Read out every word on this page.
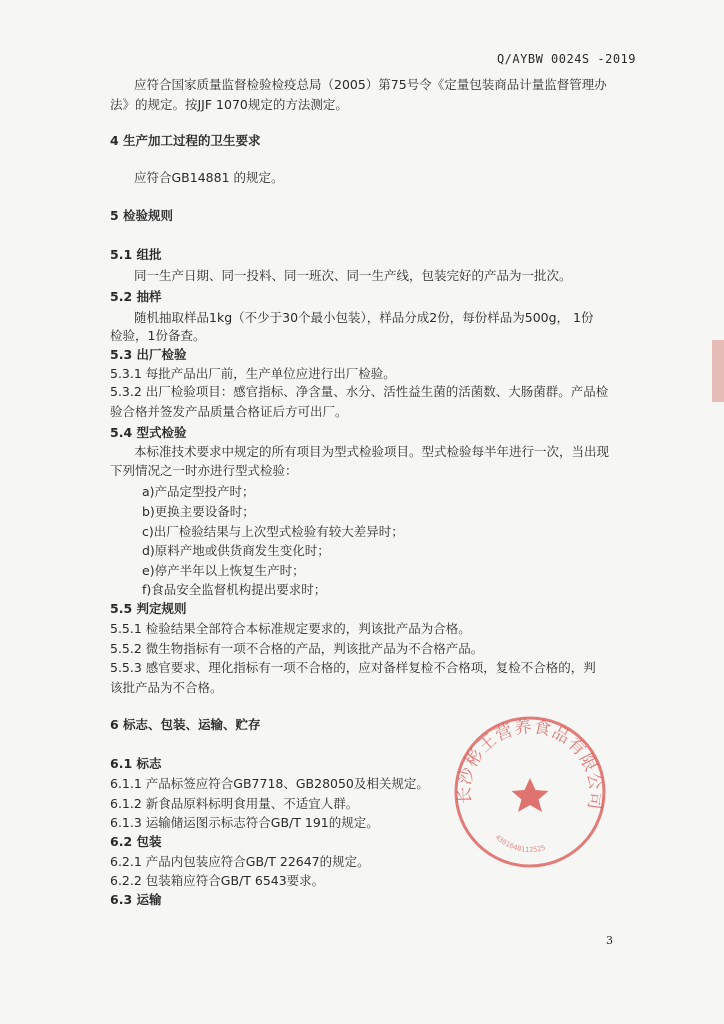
Q/AYBW 0024S -2019
应符合国家质量监督检验检疫总局（2005）第75号令《定量包装商品计量监督管理办
法》的规定。按JJF 1070规定的方法测定。
4 生产加工过程的卫生要求
应符合GB14881 的规定。
5 检验规则
5.1 组批
同一生产日期、同一投料、同一班次、同一生产线，包装完好的产品为一批次。
5.2 抽样
随机抽取样品1kg（不少于30个最小包装），样品分成2份，每份样品为500g， 1份
检验，1份备查。
5.3 出厂检验
5.3.1 每批产品出厂前，生产单位应进行出厂检验。
5.3.2 出厂检验项目：感官指标、净含量、水分、活性益生菌的活菌数、大肠菌群。产品检
验合格并签发产品质量合格证后方可出厂。
5.4 型式检验
本标准技术要求中规定的所有项目为型式检验项目。型式检验每半年进行一次，当出现
下列情况之一时亦进行型式检验：
a)产品定型投产时；
b)更换主要设备时；
c)出厂检验结果与上次型式检验有较大差异时；
d)原料产地或供货商发生变化时；
e)停产半年以上恢复生产时；
f)食品安全监督机构提出要求时；
5.5 判定规则
5.5.1 检验结果全部符合本标准规定要求的，判该批产品为合格。
5.5.2 微生物指标有一项不合格的产品，判该批产品为不合格产品。
5.5.3 感官要求、理化指标有一项不合格的，应对备样复检不合格项，复检不合格的，判
该批产品为不合格。
6 标志、包装、运输、贮存
6.1 标志
6.1.1 产品标签应符合GB7718、GB28050及相关规定。
6.1.2 新食品原料标明食用量、不适宜人群。
6.1.3 运输储运图示标志符合GB/T 191的规定。
6.2 包装
6.2.1 产品内包装应符合GB/T 22647的规定。
6.2.2 包装箱应符合GB/T 6543要求。
6.3 运输
3
长沙彬王营养食品有限公司
4301040112525
